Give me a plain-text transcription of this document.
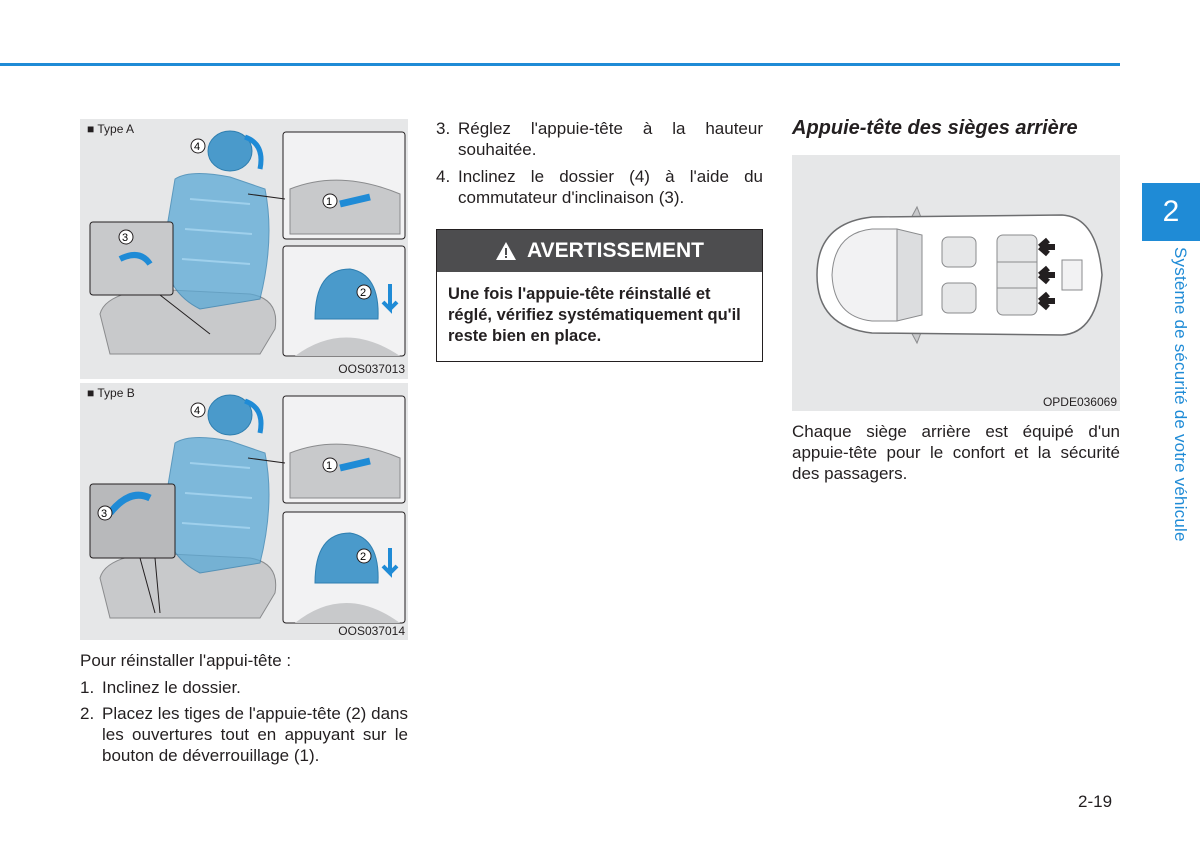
2
Système de sécurité de votre véhicule
■ Type A
4
1
3
2
OOS037013
■ Type B
4
1
3
2
OOS037014
Pour réinstaller l'appui-tête :
1. Inclinez le dossier.
2. Placez les tiges de l'appuie-tête (2) dans les ouvertures tout en appuyant sur le bouton de déverrouillage (1).
3. Réglez l'appuie-tête à la hauteur souhaitée.
4. Inclinez le dossier (4) à l'aide du commutateur d'inclinaison (3).
AVERTISSEMENT
Une fois l'appuie-tête réinstallé et réglé, vérifiez systématiquement qu'il reste bien en place.
Appuie-tête des sièges arrière
OPDE036069
Chaque siège arrière est équipé d'un appuie-tête pour le confort et la sécurité des passagers.
2-19
